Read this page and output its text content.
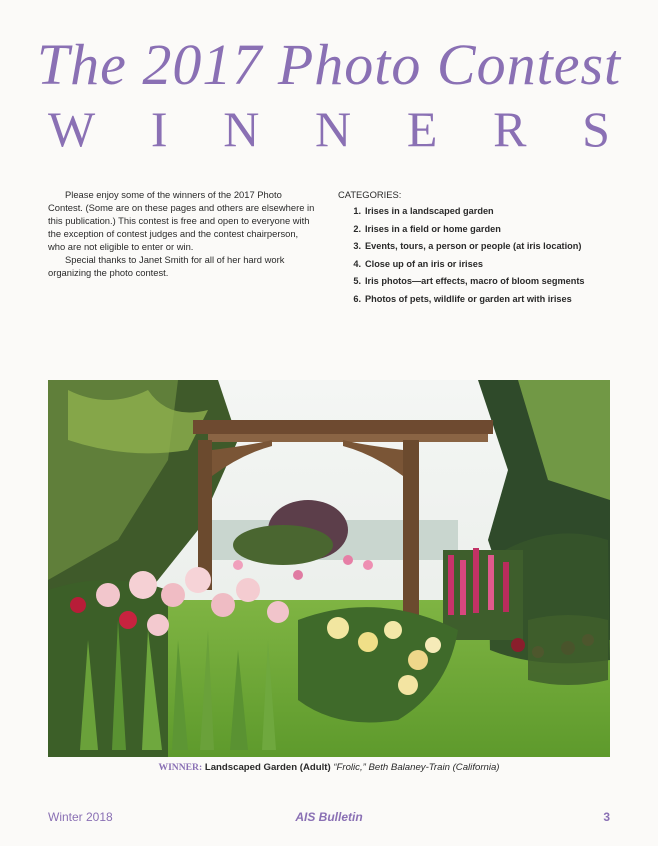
The 2017 Photo Contest
W I N N E R S

Please enjoy some of the winners of the 2017 Photo Contest. (Some are on these pages and others are elsewhere in this publication.) This contest is free and open to everyone with the exception of contest judges and the contest chairperson, who are not eligible to enter or win.

Special thanks to Janet Smith for all of her hard work organizing the photo contest.

CATEGORIES:
1. Irises in a landscaped garden
2. Irises in a field or home garden
3. Events, tours, a person or people (at iris location)
4. Close up of an iris or irises
5. Iris photos—art effects, macro of bloom segments
6. Photos of pets, wildlife or garden art with irises
WINNER: Landscaped Garden (Adult) “Frolic,” Beth Balaney-Train (California)
Winter 2018	AIS Bulletin	3
